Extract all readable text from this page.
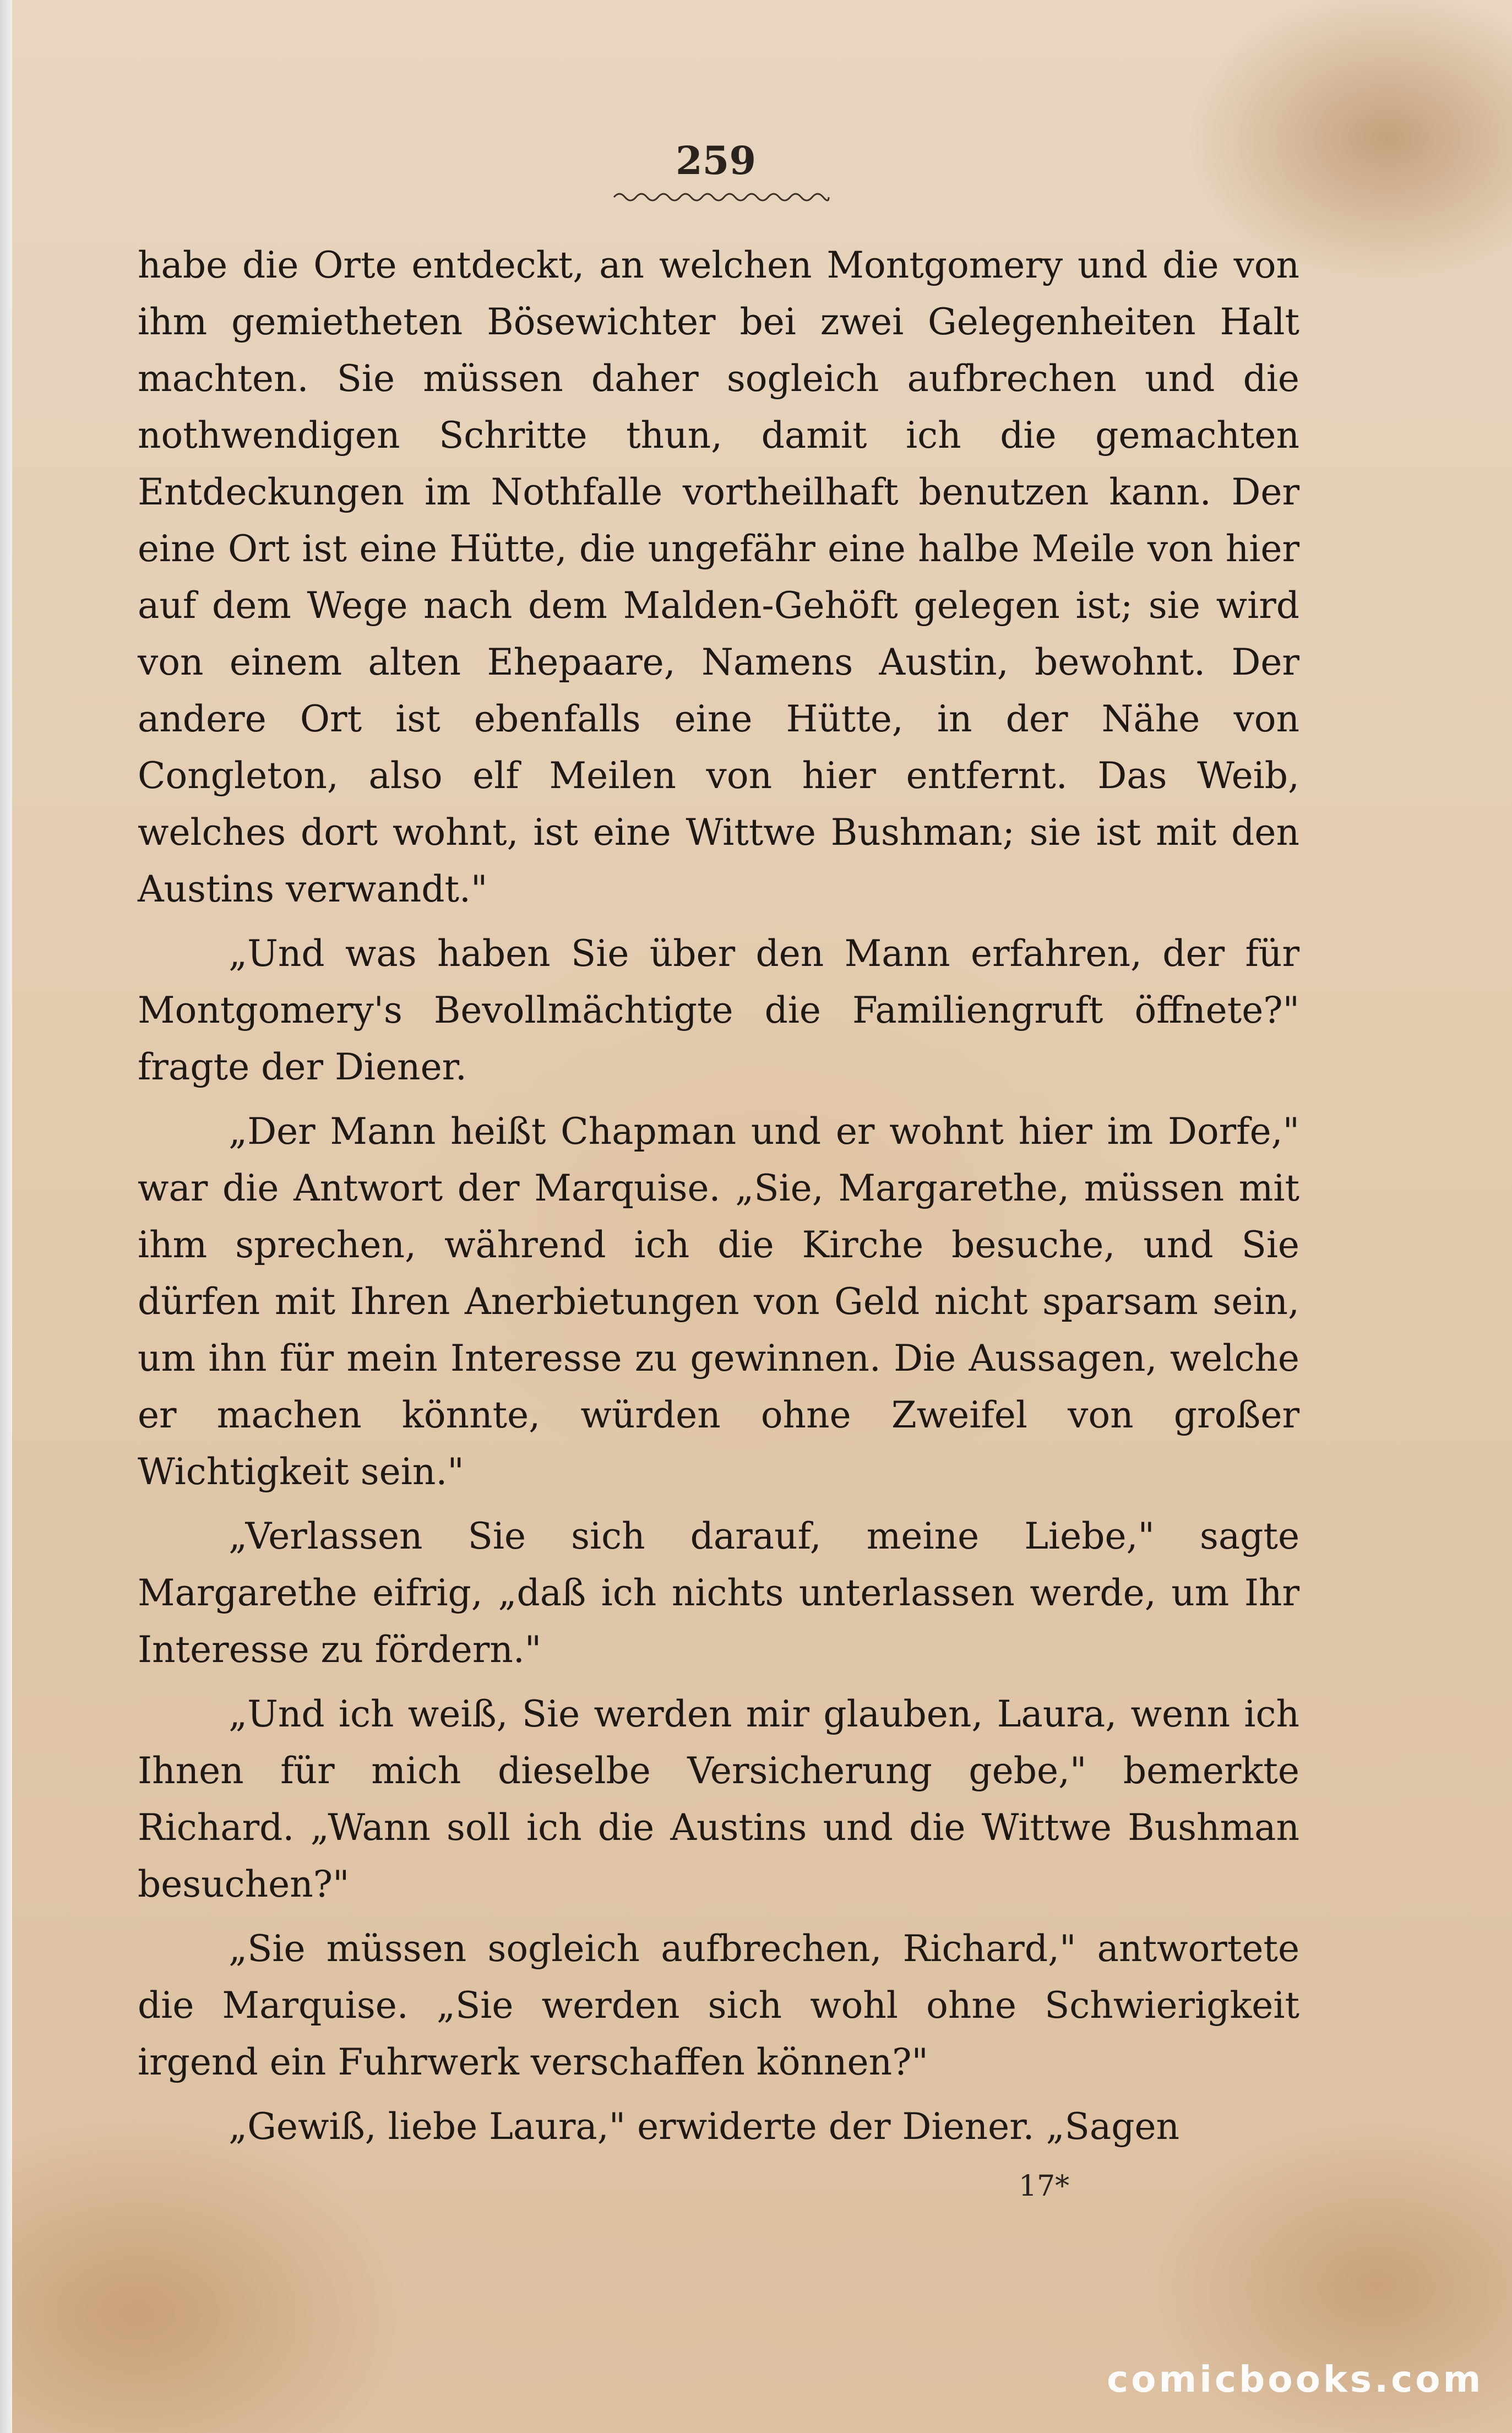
259

habe die Orte entdeckt, an welchen Montgomery und die von ihm gemietheten Bösewichter bei zwei Gelegenheiten Halt machten. Sie müssen daher sogleich aufbrechen und die nothwendigen Schritte thun, damit ich die gemachten Entdeckungen im Nothfalle vortheilhaft benutzen kann. Der eine Ort ist eine Hütte, die ungefähr eine halbe Meile von hier auf dem Wege nach dem Malden-Gehöft gelegen ist; sie wird von einem alten Ehepaare, Namens Austin, bewohnt. Der andere Ort ist ebenfalls eine Hütte, in der Nähe von Congleton, also elf Meilen von hier entfernt. Das Weib, welches dort wohnt, ist eine Wittwe Bushman; sie ist mit den Austins verwandt."

„Und was haben Sie über den Mann erfahren, der für Montgomery's Bevollmächtigte die Familiengruft öffnete?" fragte der Diener.

„Der Mann heißt Chapman und er wohnt hier im Dorfe," war die Antwort der Marquise. „Sie, Margarethe, müssen mit ihm sprechen, während ich die Kirche besuche, und Sie dürfen mit Ihren Anerbietungen von Geld nicht sparsam sein, um ihn für mein Interesse zu gewinnen. Die Aussagen, welche er machen könnte, würden ohne Zweifel von großer Wichtigkeit sein."

„Verlassen Sie sich darauf, meine Liebe," sagte Margarethe eifrig, „daß ich nichts unterlassen werde, um Ihr Interesse zu fördern."

„Und ich weiß, Sie werden mir glauben, Laura, wenn ich Ihnen für mich dieselbe Versicherung gebe," bemerkte Richard. „Wann soll ich die Austins und die Wittwe Bushman besuchen?"

„Sie müssen sogleich aufbrechen, Richard," antwortete die Marquise. „Sie werden sich wohl ohne Schwierigkeit irgend ein Fuhrwerk verschaffen können?"

„Gewiß, liebe Laura," erwiderte der Diener. „Sagen

17*
comicbooks.com
